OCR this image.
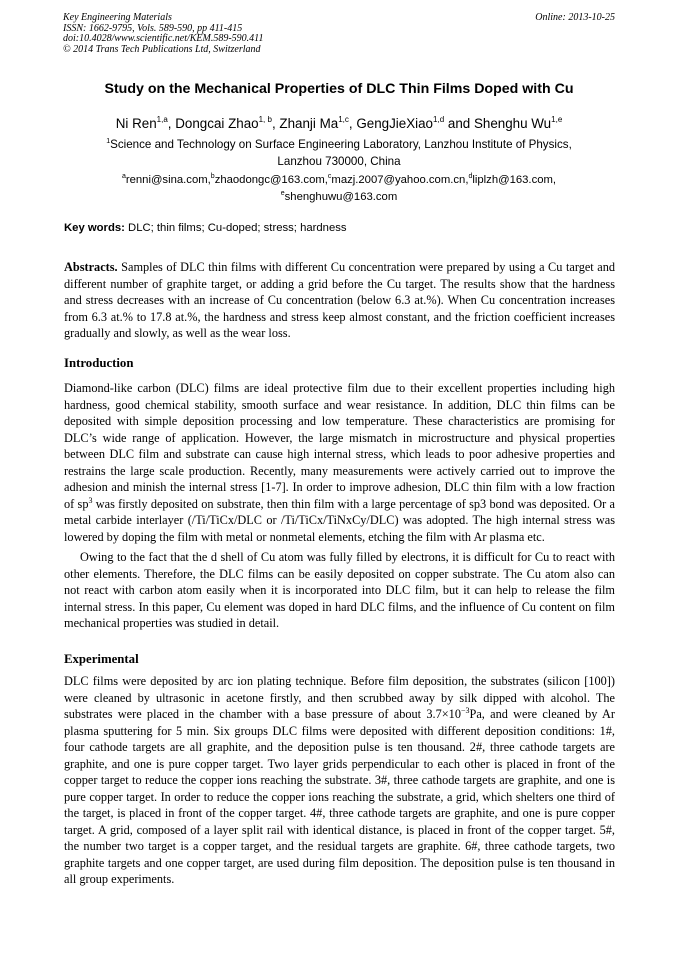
Key Engineering Materials
ISSN: 1662-9795, Vols. 589-590, pp 411-415
doi:10.4028/www.scientific.net/KEM.589-590.411
© 2014 Trans Tech Publications Ltd, Switzerland
Online: 2013-10-25
Study on the Mechanical Properties of DLC Thin Films Doped with Cu
Ni Ren$^{1,a}$, Dongcai Zhao$^{1, b}$, Zhanji Ma$^{1,c}$, GengJieXiao$^{1,d}$ and Shenghu Wu$^{1,e}$
$^1$Science and Technology on Surface Engineering Laboratory, Lanzhou Institute of Physics,
Lanzhou 730000, China
$^a$renni@sina.com,$^b$zhaodongc@163.com,$^c$mazj.2007@yahoo.com.cn,$^d$liplzh@163.com,
$^e$shenghuwu@163.com
Key words: DLC; thin films; Cu-doped; stress; hardness
Abstracts. Samples of DLC thin films with different Cu concentration were prepared by using a Cu target and different number of graphite target, or adding a grid before the Cu target. The results show that the hardness and stress decreases with an increase of Cu concentration (below 6.3 at.%). When Cu concentration increases from 6.3 at.% to 17.8 at.%, the hardness and stress keep almost constant, and the friction coefficient increases gradually and slowly, as well as the wear loss.
Introduction
Diamond-like carbon (DLC) films are ideal protective film due to their excellent properties including high hardness, good chemical stability, smooth surface and wear resistance. In addition, DLC thin films can be deposited with simple deposition processing and low temperature. These characteristics are promising for DLC’s wide range of application. However, the large mismatch in microstructure and physical properties between DLC film and substrate can cause high internal stress, which leads to poor adhesive properties and restrains the large scale production. Recently, many measurements were actively carried out to improve the adhesion and minish the internal stress [1-7]. In order to improve adhesion, DLC thin film with a low fraction of $sp^3$ was firstly deposited on substrate, then thin film with a large percentage of sp3 bond was deposited. Or a metal carbide interlayer (/Ti/TiCx/DLC or /Ti/TiCx/TiNxCy/DLC) was adopted. The high internal stress was lowered by doping the film with metal or nonmetal elements, etching the film with Ar plasma etc.
Owing to the fact that the d shell of Cu atom was fully filled by electrons, it is difficult for Cu to react with other elements. Therefore, the DLC films can be easily deposited on copper substrate. The Cu atom also can not react with carbon atom easily when it is incorporated into DLC film, but it can help to release the film internal stress. In this paper, Cu element was doped in hard DLC films, and the influence of Cu content on film mechanical properties was studied in detail.
Experimental
DLC films were deposited by arc ion plating technique. Before film deposition, the substrates (silicon [100]) were cleaned by ultrasonic in acetone firstly, and then scrubbed away by silk dipped with alcohol. The substrates were placed in the chamber with a base pressure of about $3.7\times 10^{-3}Pa$, and were cleaned by Ar plasma sputtering for 5 min. Six groups DLC films were deposited with different deposition conditions: 1#, four cathode targets are all graphite, and the deposition pulse is ten thousand. 2#, three cathode targets are graphite, and one is pure copper target. Two layer grids perpendicular to each other is placed in front of the copper target to reduce the copper ions reaching the substrate. 3#, three cathode targets are graphite, and one is pure copper target. In order to reduce the copper ions reaching the substrate, a grid, which shelters one third of the target, is placed in front of the copper target. 4#, three cathode targets are graphite, and one is pure copper target. A grid, composed of a layer split rail with identical distance, is placed in front of the copper target. 5#, the number two target is a copper target, and the residual targets are graphite. 6#, three cathode targets, two graphite targets and one copper target, are used during film deposition. The deposition pulse is ten thousand in all group experiments.
